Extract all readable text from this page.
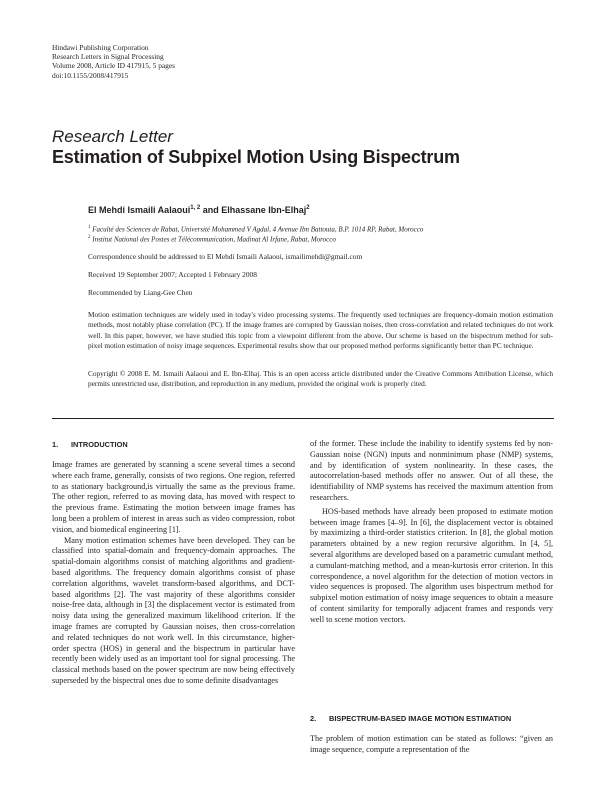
Hindawi Publishing Corporation
Research Letters in Signal Processing
Volume 2008, Article ID 417915, 5 pages
doi:10.1155/2008/417915
Research Letter
Estimation of Subpixel Motion Using Bispectrum
El Mehdi Ismaili Aalaoui$^{1, 2}$ and Elhassane Ibn-Elhaj$^2$
$^1$ Faculté des Sciences de Rabat, Université Mohammed V Agdal, 4 Avenue Ibn Battouta, B.P. 1014 RP, Rabat, Morocco
$^2$ Institut National des Postes et Télécommunication, Madinat Al Irfane, Rabat, Morocco
Correspondence should be addressed to El Mehdi Ismaili Aalaoui, ismailimehdi@gmail.com
Received 19 September 2007; Accepted 1 February 2008
Recommended by Liang-Gee Chen

Motion estimation techniques are widely used in today's video processing systems. The frequently used techniques are frequency-domain motion estimation methods, most notably phase correlation (PC). If the image frames are corrupted by Gaussian noises, then cross-correlation and related techniques do not work well. In this paper, however, we have studied this topic from a viewpoint different from the above. Our scheme is based on the bispectrum method for sub-pixel motion estimation of noisy image sequences. Experimental results show that our proposed method performs significantly better than PC technique.

Copyright © 2008 E. M. Ismaili Aalaoui and E. Ibn-Elhaj. This is an open access article distributed under the Creative Commons Attribution License, which permits unrestricted use, distribution, and reproduction in any medium, provided the original work is properly cited.

1. INTRODUCTION

Image frames are generated by scanning a scene several times a second where each frame, generally, consists of two regions. One region, referred to as stationary background,is virtually the same as the previous frame. The other region, referred to as moving data, has moved with respect to the previous frame. Estimating the motion between image frames has long been a problem of interest in areas such as video compression, robot vision, and biomedical engineering [1].

Many motion estimation schemes have been developed. They can be classified into spatial-domain and frequency-domain approaches. The spatial-domain algorithms consist of matching algorithms and gradient-based algorithms. The frequency domain algorithms consist of phase correlation algorithms, wavelet transform-based algorithms, and DCT-based algorithms [2]. The vast majority of these algorithms consider noise-free data, although in [3] the displacement vector is estimated from noisy data using the generalized maximum likelihood criterion. If the image frames are corrupted by Gaussian noises, then cross-correlation and related techniques do not work well. In this circumstance, higher-order spectra (HOS) in general and the bispectrum in particular have recently been widely used as an important tool for signal processing. The classical methods based on the power spectrum are now being effectively superseded by the bispectral ones due to some definite disadvantages

of the former. These include the inability to identify systems fed by non-Gaussian noise (NGN) inputs and nonminimum phase (NMP) systems, and by identification of system nonlinearity. In these cases, the autocorrelation-based methods offer no answer. Out of all these, the identifiability of NMP systems has received the maximum attention from researchers.

HOS-based methods have already been proposed to estimate motion between image frames [4–9]. In [6], the displacement vector is obtained by maximizing a third-order statistics criterion. In [8], the global motion parameters obtained by a new region recursive algorithm. In [4, 5], several algorithms are developed based on a parametric cumulant method, a cumulant-matching method, and a mean-kurtosis error criterion. In this correspondence, a novel algorithm for the detection of motion vectors in video sequences is proposed. The algorithm uses bispectrum method for subpixel motion estimation of noisy image sequences to obtain a measure of content similarity for temporally adjacent frames and responds very well to scene motion vectors.

2. BISPECTRUM-BASED IMAGE MOTION ESTIMATION

The problem of motion estimation can be stated as follows: “given an image sequence, compute a representation of the
